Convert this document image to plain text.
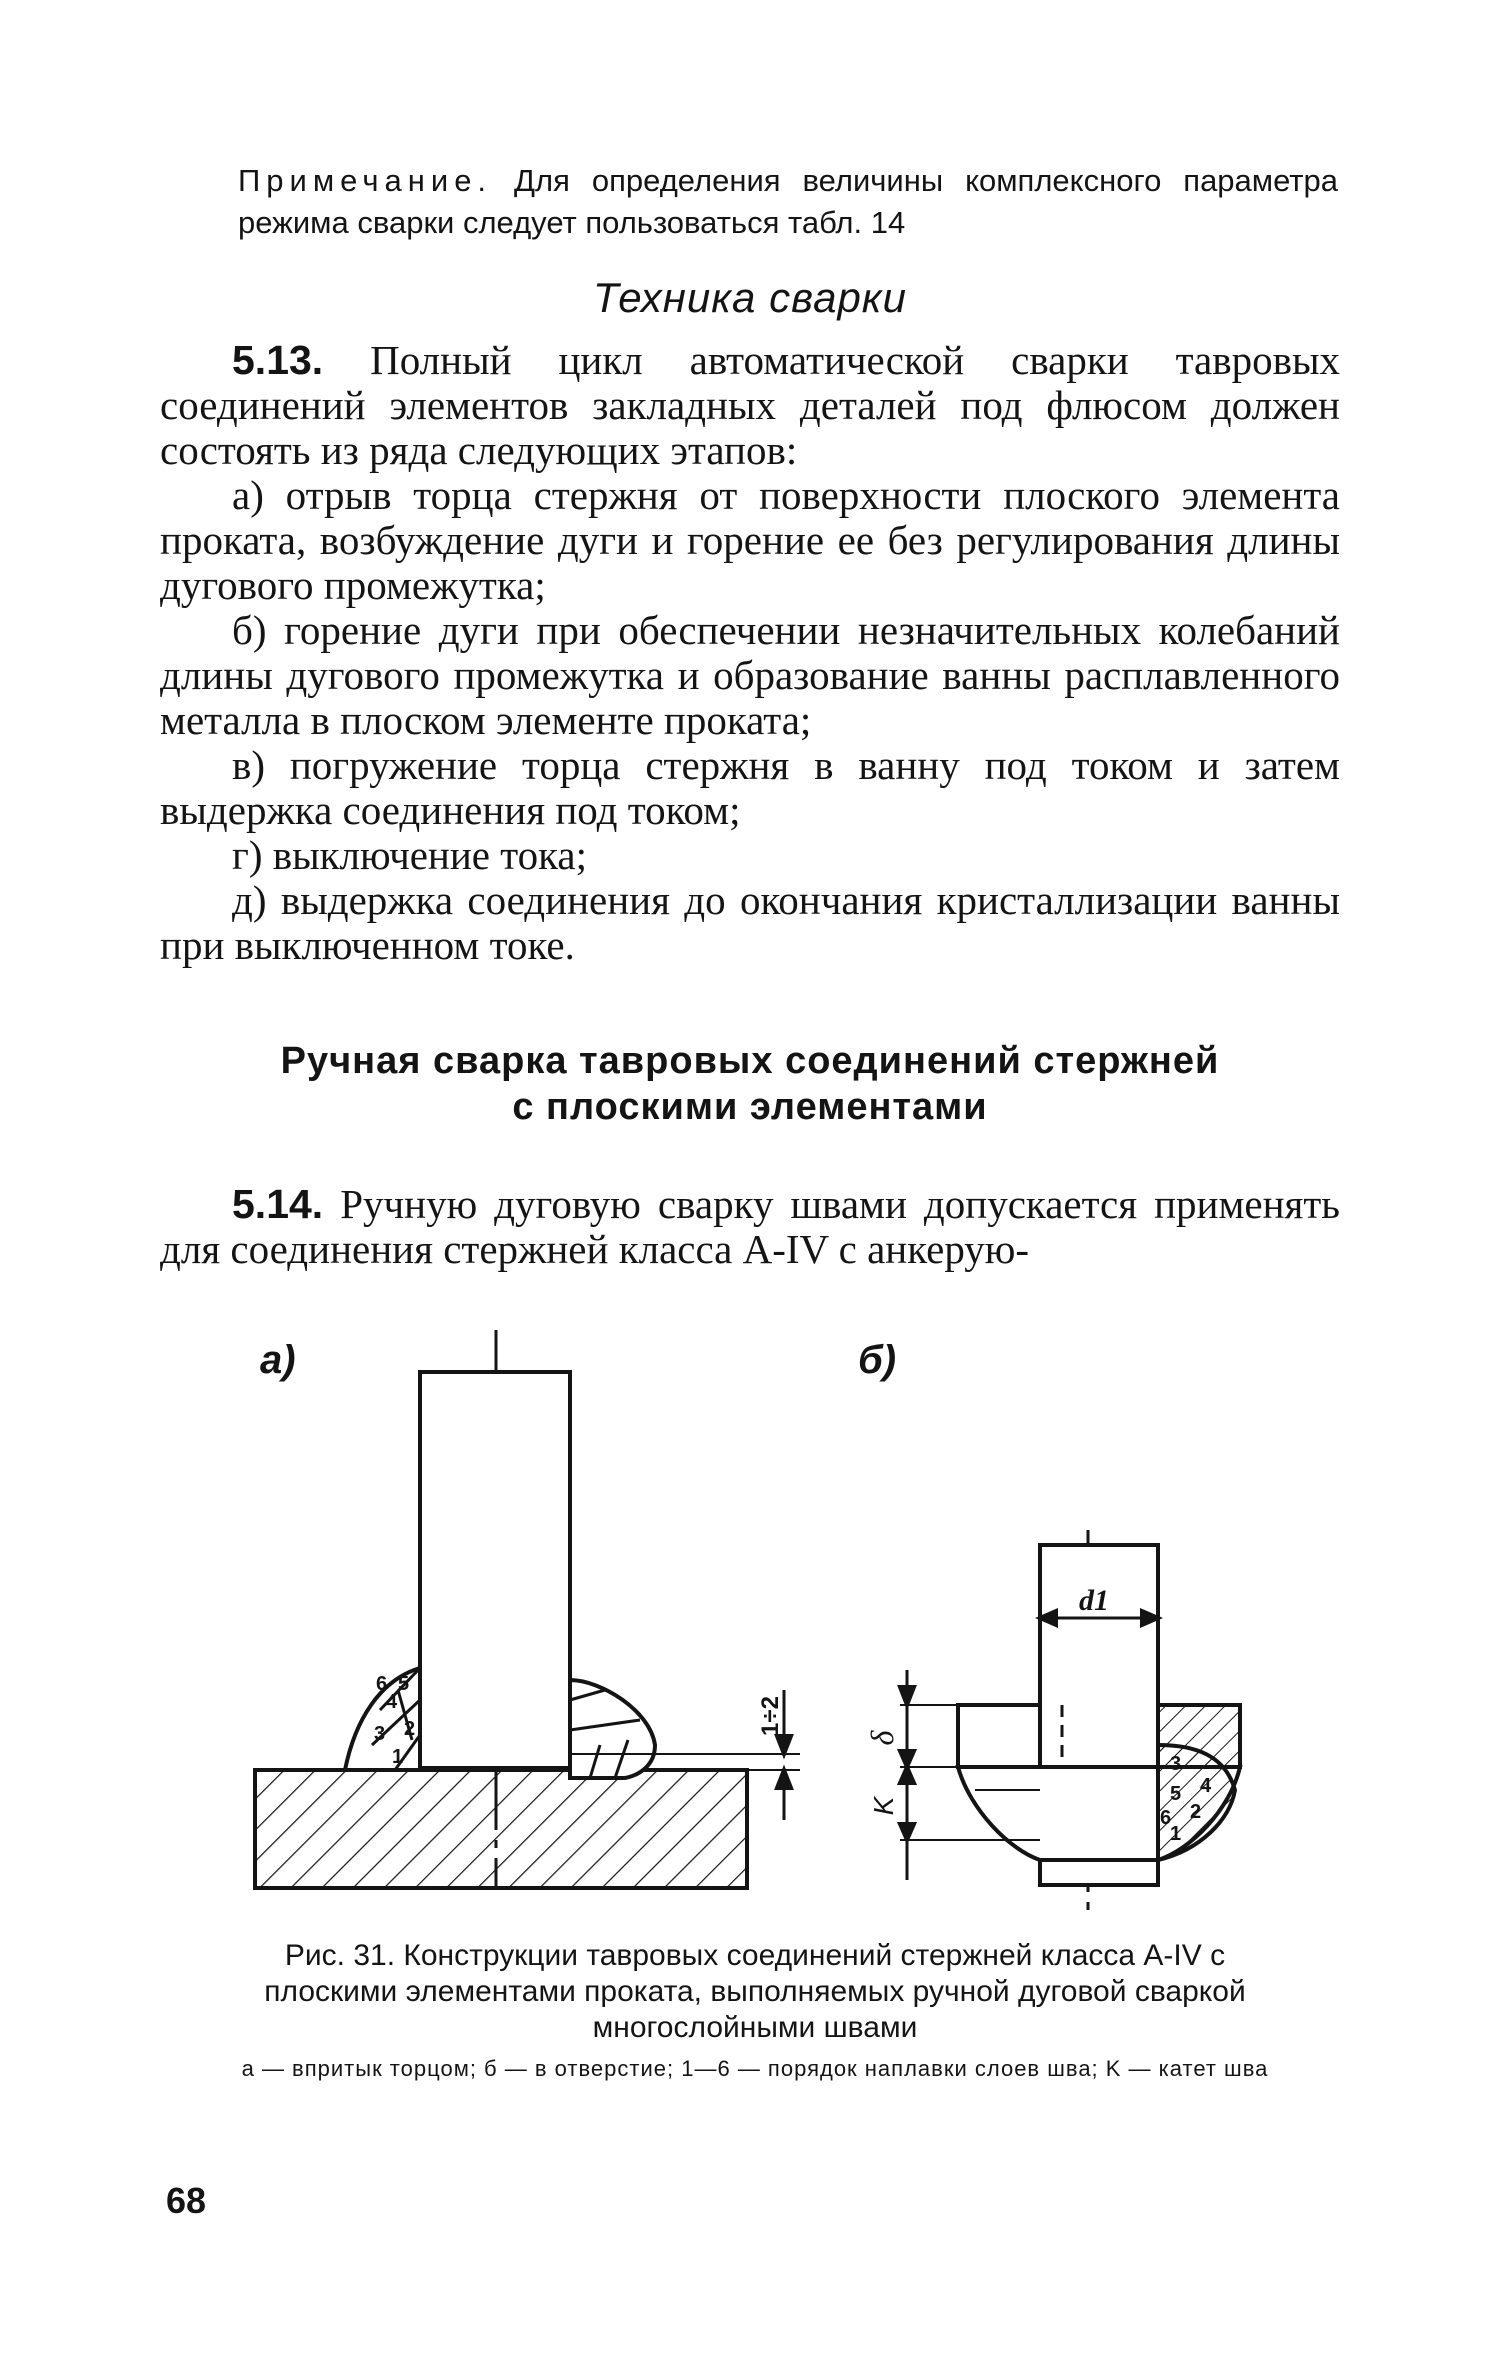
Примечание. Для определения величины комплексного параметра режима сварки следует пользоваться табл. 14
Техника сварки

5.13. Полный цикл автоматической сварки тавровых соединений элементов закладных деталей под флюсом должен состоять из ряда следующих этапов:

а) отрыв торца стержня от поверхности плоского элемента проката, возбуждение дуги и горение ее без регулирования длины дугового промежутка;

б) горение дуги при обеспечении незначительных колебаний длины дугового промежутка и образование ванны расплавленного металла в плоском элементе проката;

в) погружение торца стержня в ванну под током и затем выдержка соединения под током;

г) выключение тока;

д) выдержка соединения до окончания кристаллизации ванны при выключенном токе.

Ручная сварка тавровых соединений стержней
с плоскими элементами

5.14. Ручную дуговую сварку швами допускается применять для соединения стержней класса А-IV с анкерую-

а)	б)
1÷2
1
2
3
4
5
6
d1
δ
K
1
2
3
4
5
6
Рис. 31. Конструкции тавровых соединений стержней класса А-IV с плоскими элементами проката, выполняемых ручной дуговой сваркой многослойными швами
а — впритык торцом; б — в отверстие; 1—6 — порядок наплавки слоев шва; K — катет шва
68
